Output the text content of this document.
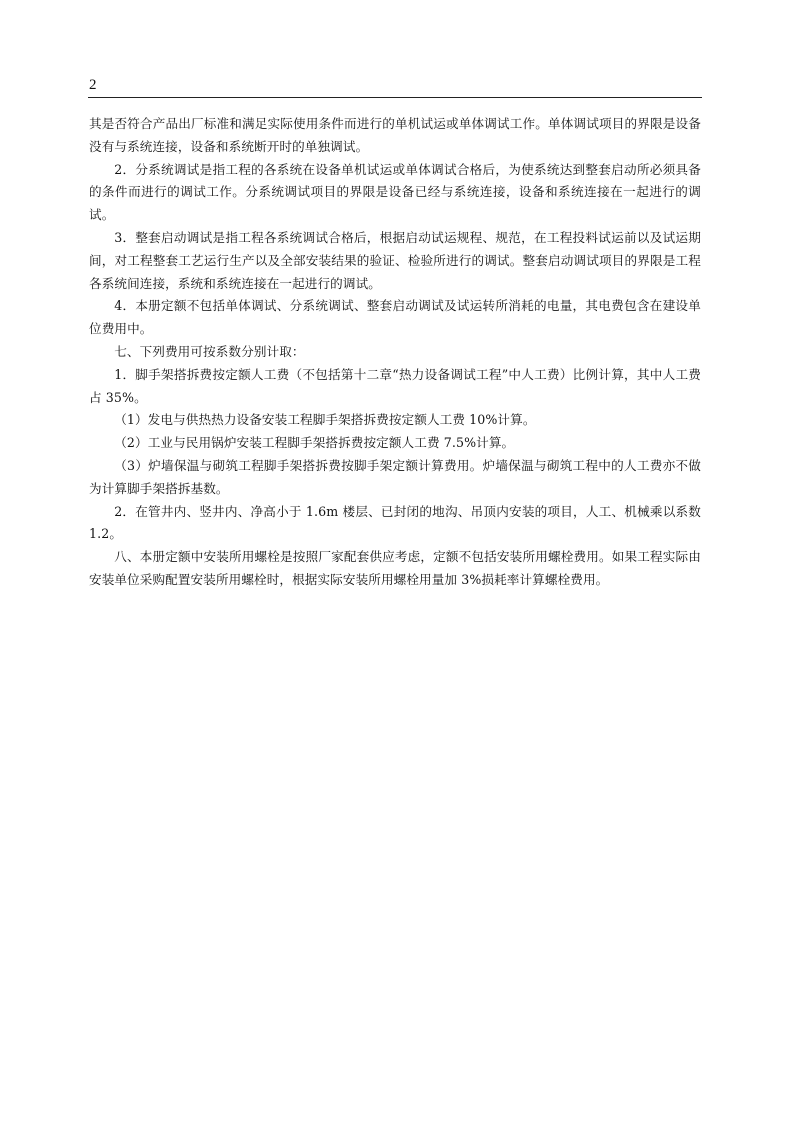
2

其是否符合产品出厂标准和满足实际使用条件而进行的单机试运或单体调试工作。单体调试项目的界限是设备没有与系统连接，设备和系统断开时的单独调试。

2．分系统调试是指工程的各系统在设备单机试运或单体调试合格后，为使系统达到整套启动所必须具备的条件而进行的调试工作。分系统调试项目的界限是设备已经与系统连接，设备和系统连接在一起进行的调试。

3．整套启动调试是指工程各系统调试合格后，根据启动试运规程、规范，在工程投料试运前以及试运期间，对工程整套工艺运行生产以及全部安装结果的验证、检验所进行的调试。整套启动调试项目的界限是工程各系统间连接，系统和系统连接在一起进行的调试。

4．本册定额不包括单体调试、分系统调试、整套启动调试及试运转所消耗的电量，其电费包含在建设单位费用中。

七、下列费用可按系数分别计取：

1．脚手架搭拆费按定额人工费（不包括第十二章“热力设备调试工程”中人工费）比例计算，其中人工费占 35%。

（1）发电与供热热力设备安装工程脚手架搭拆费按定额人工费 10%计算。

（2）工业与民用锅炉安装工程脚手架搭拆费按定额人工费 7.5%计算。

（3）炉墙保温与砌筑工程脚手架搭拆费按脚手架定额计算费用。炉墙保温与砌筑工程中的人工费亦不做为计算脚手架搭拆基数。

2．在管井内、竖井内、净高小于 1.6m 楼层、已封闭的地沟、吊顶内安装的项目，人工、机械乘以系数 1.2。

八、本册定额中安装所用螺栓是按照厂家配套供应考虑，定额不包括安装所用螺栓费用。如果工程实际由安装单位采购配置安装所用螺栓时，根据实际安装所用螺栓用量加 3%损耗率计算螺栓费用。
